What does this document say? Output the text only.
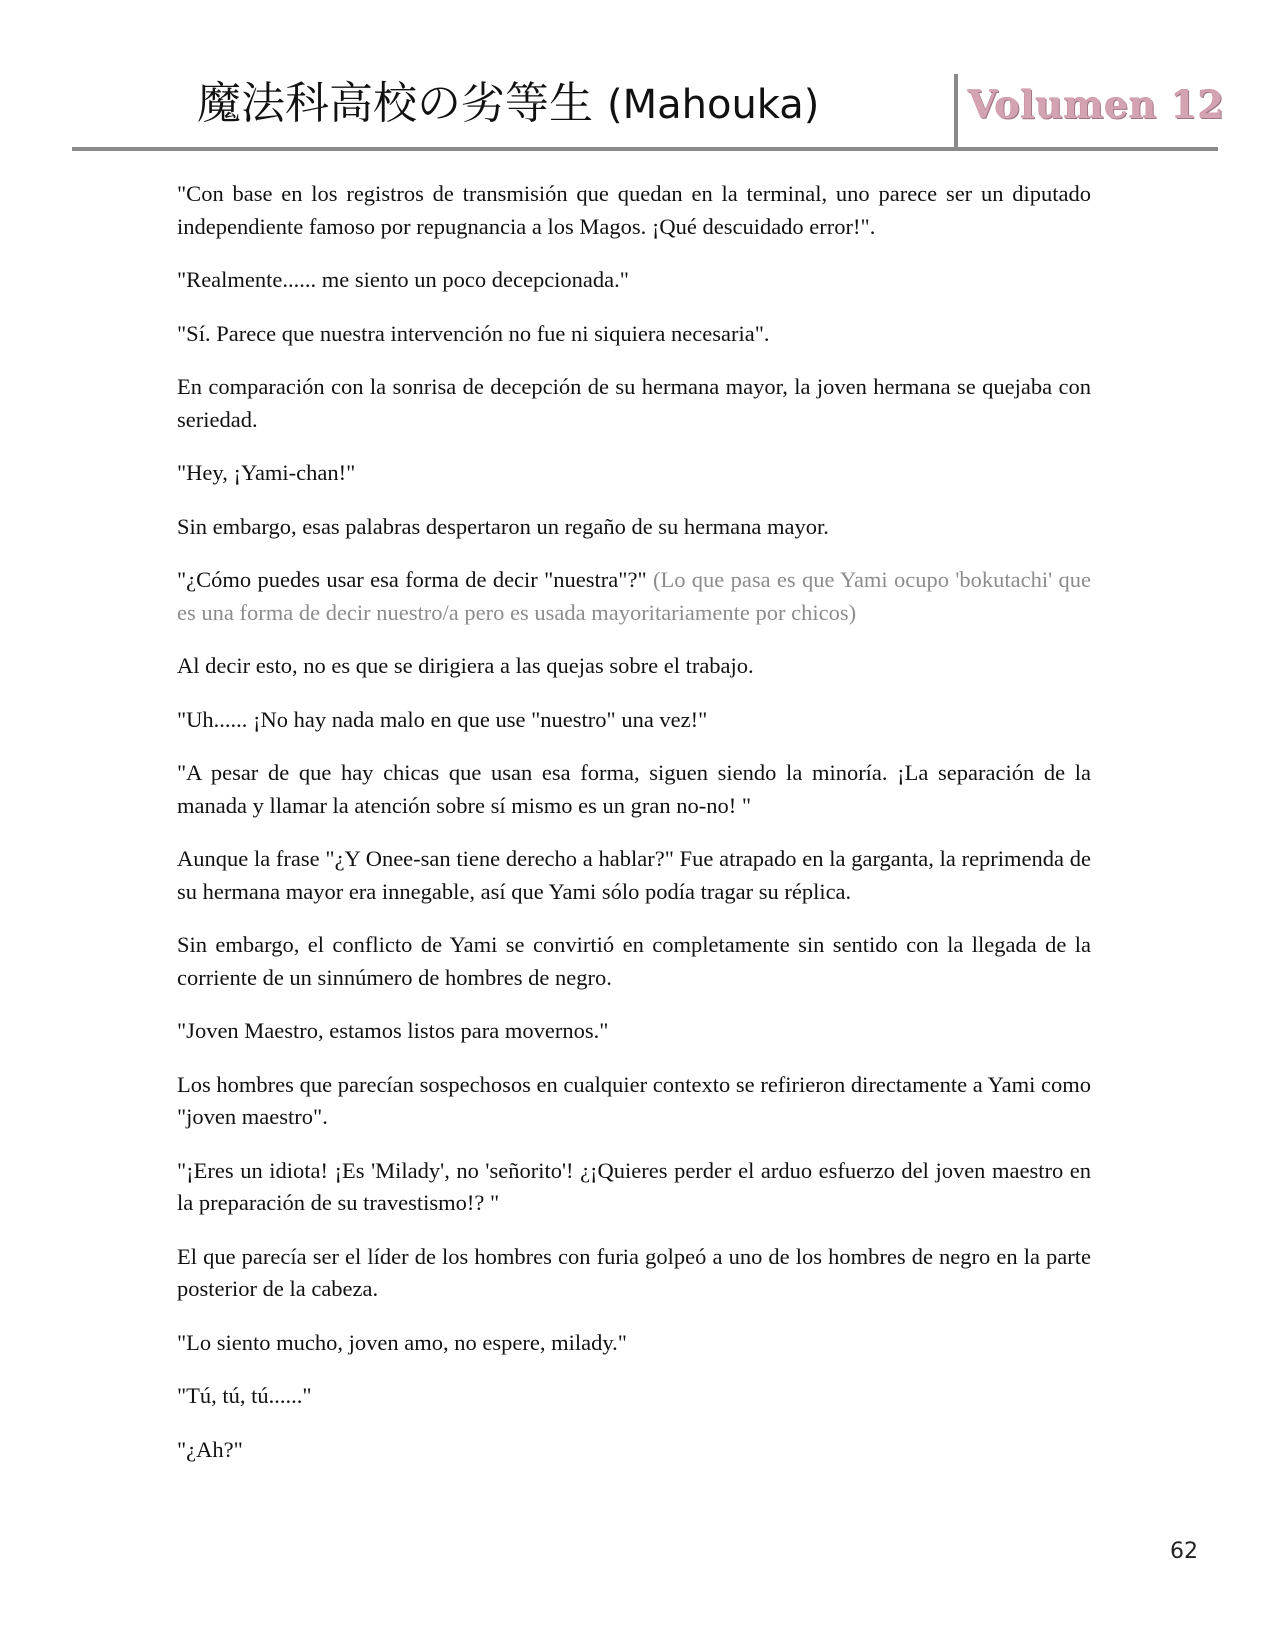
魔法科高校の劣等生 (Mahouka)	Volumen 12

"Con base en los registros de transmisión que quedan en la terminal, uno parece ser un diputado independiente famoso por repugnancia a los Magos. ¡Qué descuidado error!".

"Realmente...... me siento un poco decepcionada."

"Sí. Parece que nuestra intervención no fue ni siquiera necesaria".

En comparación con la sonrisa de decepción de su hermana mayor, la joven hermana se quejaba con seriedad.

"Hey, ¡Yami-chan!"

Sin embargo, esas palabras despertaron un regaño de su hermana mayor.

"¿Cómo puedes usar esa forma de decir "nuestra"?" (Lo que pasa es que Yami ocupo 'bokutachi' que es una forma de decir nuestro/a pero es usada mayoritariamente por chicos)

Al decir esto, no es que se dirigiera a las quejas sobre el trabajo.

"Uh...... ¡No hay nada malo en que use "nuestro" una vez!"

"A pesar de que hay chicas que usan esa forma, siguen siendo la minoría. ¡La separación de la manada y llamar la atención sobre sí mismo es un gran no-no! "

Aunque la frase "¿Y Onee-san tiene derecho a hablar?" Fue atrapado en la garganta, la reprimenda de su hermana mayor era innegable, así que Yami sólo podía tragar su réplica.

Sin embargo, el conflicto de Yami se convirtió en completamente sin sentido con la llegada de la corriente de un sinnúmero de hombres de negro.

"Joven Maestro, estamos listos para movernos."

Los hombres que parecían sospechosos en cualquier contexto se refirieron directamente a Yami como "joven maestro".

"¡Eres un idiota! ¡Es 'Milady', no 'señorito'! ¿¡Quieres perder el arduo esfuerzo del joven maestro en la preparación de su travestismo!? "

El que parecía ser el líder de los hombres con furia golpeó a uno de los hombres de negro en la parte posterior de la cabeza.

"Lo siento mucho, joven amo, no espere, milady."

"Tú, tú, tú......"

"¿Ah?"

62
